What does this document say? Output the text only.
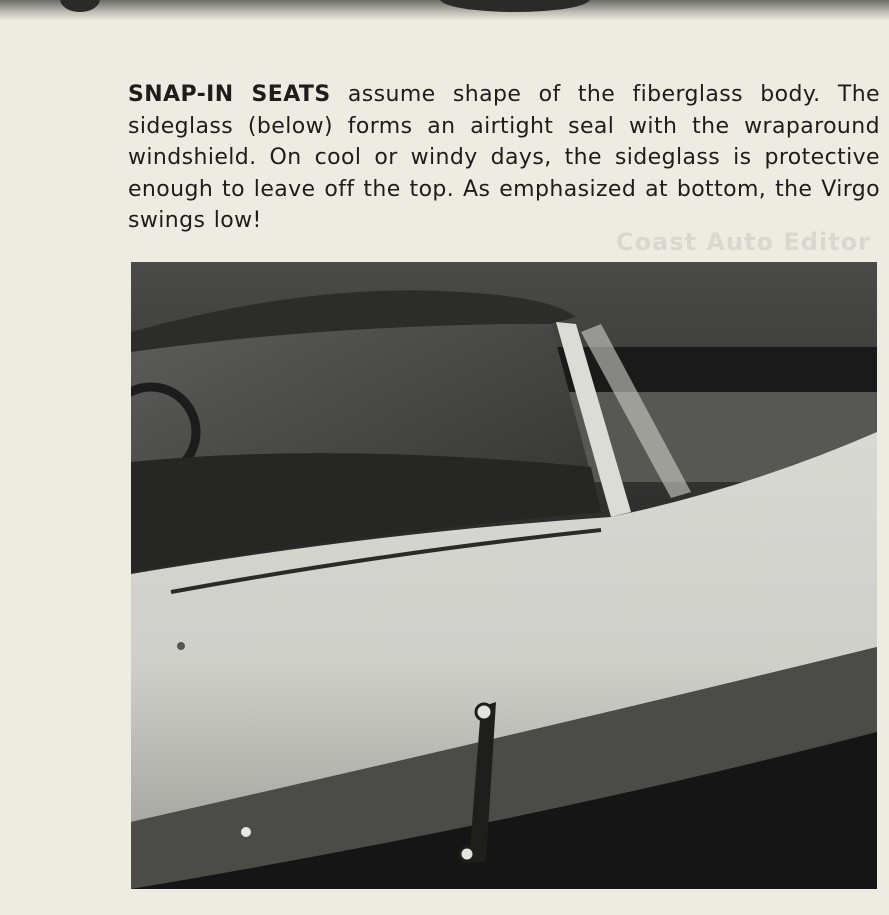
Coast Auto Editor

SNAP-IN SEATS assume shape of the fiberglass body. The sideglass (below) forms an airtight seal with the wraparound windshield. On cool or windy days, the sideglass is protective enough to leave off the top. As emphasized at bottom, the Virgo swings low!
